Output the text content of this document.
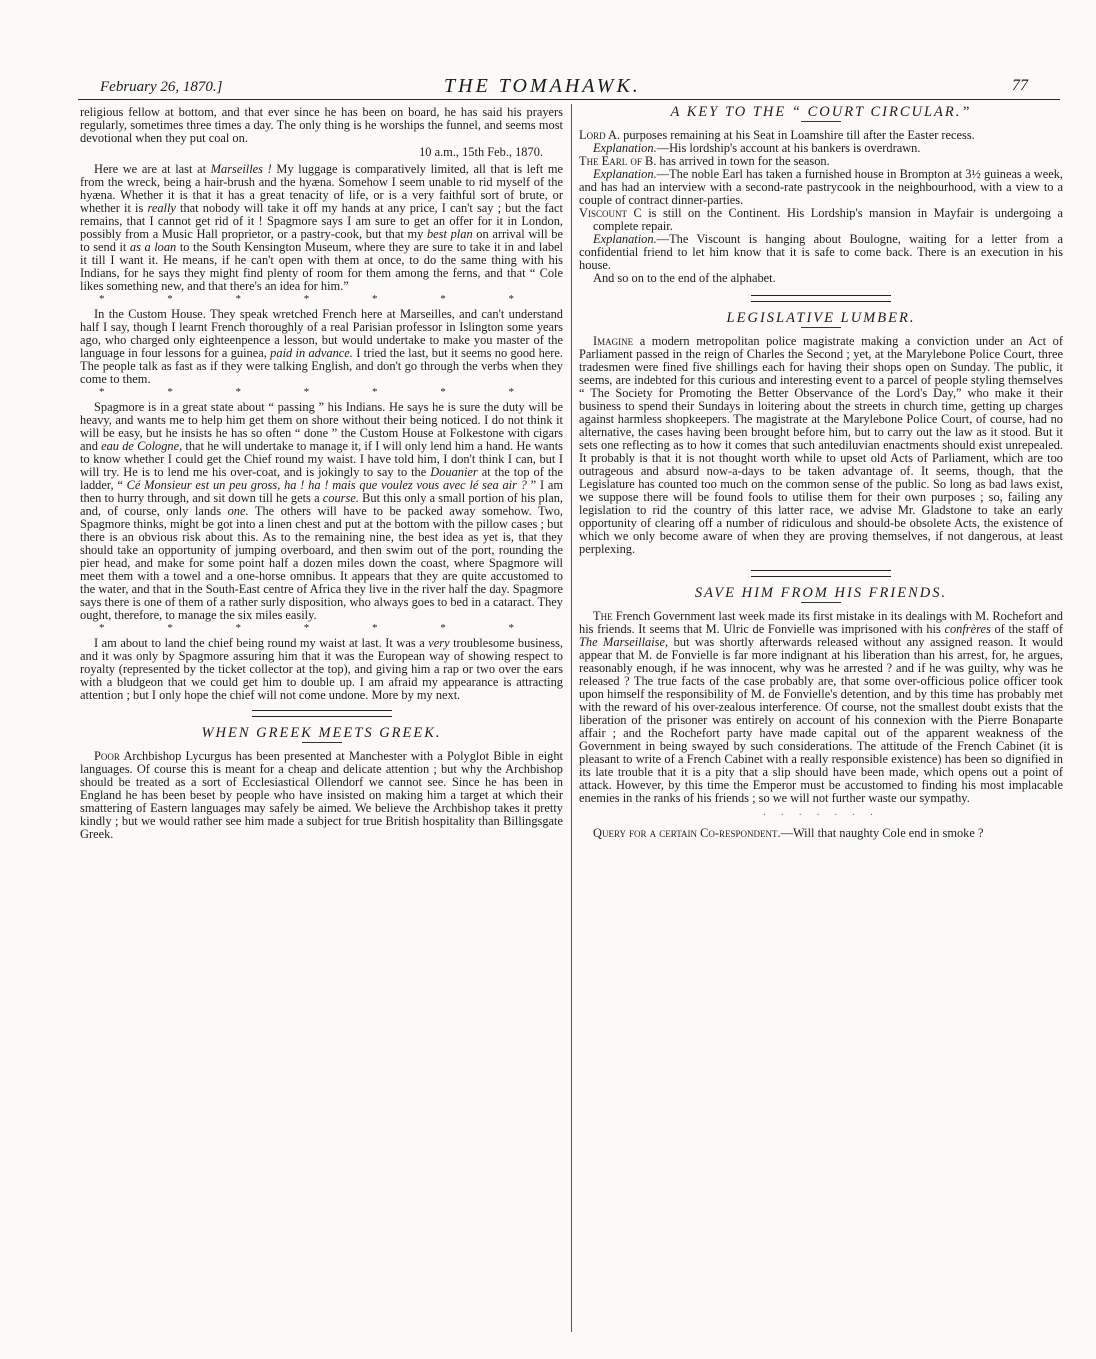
February 26, 1870.]	THE TOMAHAWK.	77

religious fellow at bottom, and that ever since he has been on board, he has said his prayers regularly, sometimes three times a day. The only thing is he worships the funnel, and seems most devotional when they put coal on.

10 a.m., 15th Feb., 1870.

Here we are at last at Marseilles ! My luggage is comparatively limited, all that is left me from the wreck, being a hair-brush and the hyæna. Somehow I seem unable to rid myself of the hyæna. Whether it is that it has a great tenacity of life, or is a very faithful sort of brute, or whether it is really that nobody will take it off my hands at any price, I can't say ; but the fact remains, that I cannot get rid of it ! Spagmore says I am sure to get an offer for it in London, possibly from a Music Hall proprietor, or a pastry-cook, but that my best plan on arrival will be to send it as a loan to the South Kensington Museum, where they are sure to take it in and label it till I want it. He means, if he can't open with them at once, to do the same thing with his Indians, for he says they might find plenty of room for them among the ferns, and that “ Cole likes something new, and that there's an idea for him.”

* * * * * * *

In the Custom House. They speak wretched French here at Marseilles, and can't understand half I say, though I learnt French thoroughly of a real Parisian professor in Islington some years ago, who charged only eighteenpence a lesson, but would undertake to make you master of the language in four lessons for a guinea, paid in advance. I tried the last, but it seems no good here. The people talk as fast as if they were talking English, and don't go through the verbs when they come to them.

* * * * * * *

Spagmore is in a great state about “ passing ” his Indians. He says he is sure the duty will be heavy, and wants me to help him get them on shore without their being noticed. I do not think it will be easy, but he insists he has so often “ done ” the Custom House at Folkestone with cigars and eau de Cologne, that he will undertake to manage it, if I will only lend him a hand. He wants to know whether I could get the Chief round my waist. I have told him, I don't think I can, but I will try. He is to lend me his over-coat, and is jokingly to say to the Douanier at the top of the ladder, “ Cé Monsieur est un peu gross, ha ! ha ! mais que voulez vous avec lé sea air ? ” I am then to hurry through, and sit down till he gets a course. But this only a small portion of his plan, and, of course, only lands one. The others will have to be packed away somehow. Two, Spagmore thinks, might be got into a linen chest and put at the bottom with the pillow cases ; but there is an obvious risk about this. As to the remaining nine, the best idea as yet is, that they should take an opportunity of jumping overboard, and then swim out of the port, rounding the pier head, and make for some point half a dozen miles down the coast, where Spagmore will meet them with a towel and a one-horse omnibus. It appears that they are quite accustomed to the water, and that in the South-East centre of Africa they live in the river half the day. Spagmore says there is one of them of a rather surly disposition, who always goes to bed in a cataract. They ought, therefore, to manage the six miles easily.

* * * * * * *

I am about to land the chief being round my waist at last. It was a very troublesome business, and it was only by Spagmore assuring him that it was the European way of showing respect to royalty (represented by the ticket collector at the top), and giving him a rap or two over the ears with a bludgeon that we could get him to double up. I am afraid my appearance is attracting attention ; but I only hope the chief will not come undone. More by my next.

WHEN GREEK MEETS GREEK.

Poor Archbishop Lycurgus has been presented at Manchester with a Polyglot Bible in eight languages. Of course this is meant for a cheap and delicate attention ; but why the Archbishop should be treated as a sort of Ecclesiastical Ollendorf we cannot see. Since he has been in England he has been beset by people who have insisted on making him a target at which their smattering of Eastern languages may safely be aimed. We believe the Archbishop takes it pretty kindly ; but we would rather see him made a subject for true British hospitality than Billingsgate Greek.

A KEY TO THE “ COURT CIRCULAR.”

Lord A. purposes remaining at his Seat in Loamshire till after the Easter recess.

Explanation.—His lordship's account at his bankers is overdrawn.

The Earl of B. has arrived in town for the season.

Explanation.—The noble Earl has taken a furnished house in Brompton at 3½ guineas a week, and has had an interview with a second-rate pastrycook in the neighbourhood, with a view to a couple of contract dinner-parties.

Viscount C is still on the Continent. His Lordship's mansion in Mayfair is undergoing a complete repair.

Explanation.—The Viscount is hanging about Boulogne, waiting for a letter from a confidential friend to let him know that it is safe to come back. There is an execution in his house.

And so on to the end of the alphabet.

LEGISLATIVE LUMBER.

Imagine a modern metropolitan police magistrate making a conviction under an Act of Parliament passed in the reign of Charles the Second ; yet, at the Marylebone Police Court, three tradesmen were fined five shillings each for having their shops open on Sunday. The public, it seems, are indebted for this curious and interesting event to a parcel of people styling themselves “ The Society for Promoting the Better Observance of the Lord's Day,” who make it their business to spend their Sundays in loitering about the streets in church time, getting up charges against harmless shopkeepers. The magistrate at the Marylebone Police Court, of course, had no alternative, the cases having been brought before him, but to carry out the law as it stood. But it sets one reflecting as to how it comes that such antediluvian enactments should exist unrepealed. It probably is that it is not thought worth while to upset old Acts of Parliament, which are too outrageous and absurd now-a-days to be taken advantage of. It seems, though, that the Legislature has counted too much on the common sense of the public. So long as bad laws exist, we suppose there will be found fools to utilise them for their own purposes ; so, failing any legislation to rid the country of this latter race, we advise Mr. Gladstone to take an early opportunity of clearing off a number of ridiculous and should-be obsolete Acts, the existence of which we only become aware of when they are proving themselves, if not dangerous, at least perplexing.

SAVE HIM FROM HIS FRIENDS.

The French Government last week made its first mistake in its dealings with M. Rochefort and his friends. It seems that M. Ulric de Fonvielle was imprisoned with his confrères of the staff of The Marseillaise, but was shortly afterwards released without any assigned reason. It would appear that M. de Fonvielle is far more indignant at his liberation than his arrest, for, he argues, reasonably enough, if he was innocent, why was he arrested ? and if he was guilty, why was he released ? The true facts of the case probably are, that some over-officious police officer took upon himself the responsibility of M. de Fonvielle's detention, and by this time has probably met with the reward of his over-zealous interference. Of course, not the smallest doubt exists that the liberation of the prisoner was entirely on account of his connexion with the Pierre Bonaparte affair ; and the Rochefort party have made capital out of the apparent weakness of the Government in being swayed by such considerations. The attitude of the French Cabinet (it is pleasant to write of a French Cabinet with a really responsible existence) has been so dignified in its late trouble that it is a pity that a slip should have been made, which opens out a point of attack. However, by this time the Emperor must be accustomed to finding his most implacable enemies in the ranks of his friends ; so we will not further waste our sympathy.

· · · · · · ·

Query for a certain Co-respondent.—Will that naughty Cole end in smoke ?
